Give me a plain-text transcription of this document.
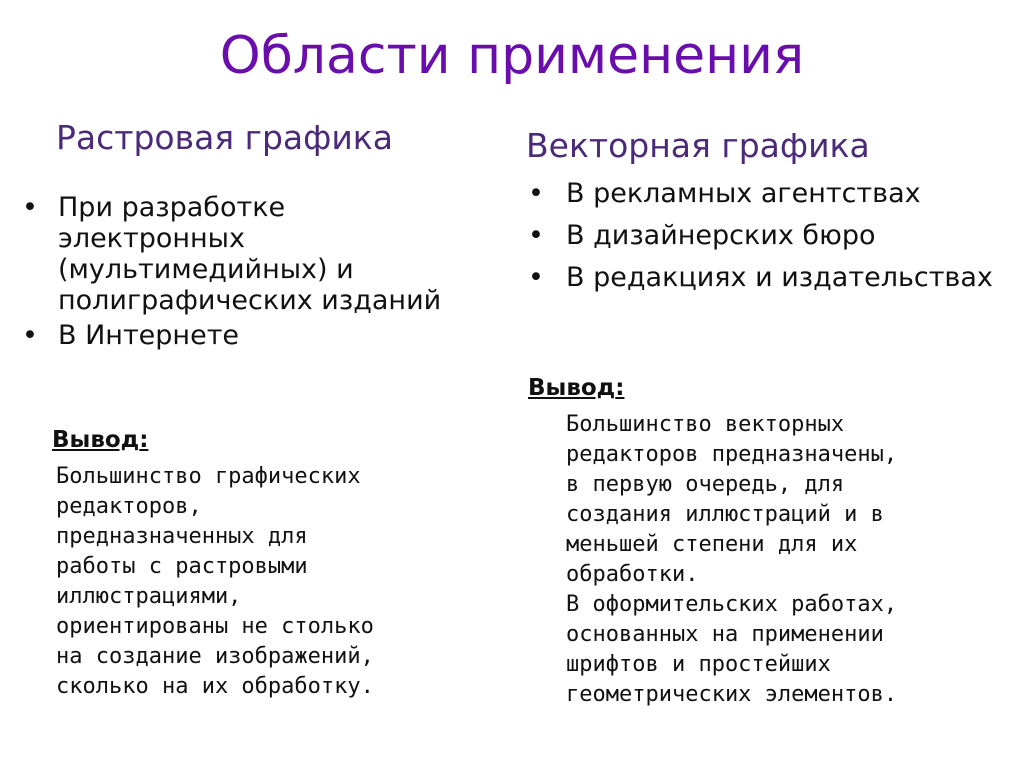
Области применения
Растровая графика	Векторная графика
• При разработке электронных (мультимедийных) и полиграфических изданий
• В Интернете
• В рекламных агентствах
• В дизайнерских бюро
• В редакциях и издательствах
Вывод:
Вывод:
Большинство графических
редакторов,
предназначенных для
работы с растровыми
иллюстрациями,
ориентированы не столько
на создание изображений,
сколько на их обработку.
Большинство векторных
редакторов предназначены,
в первую очередь, для
создания иллюстраций и в
меньшей степени для их
обработки.
В оформительских работах,
основанных на применении
шрифтов и простейших
геометрических элементов.
